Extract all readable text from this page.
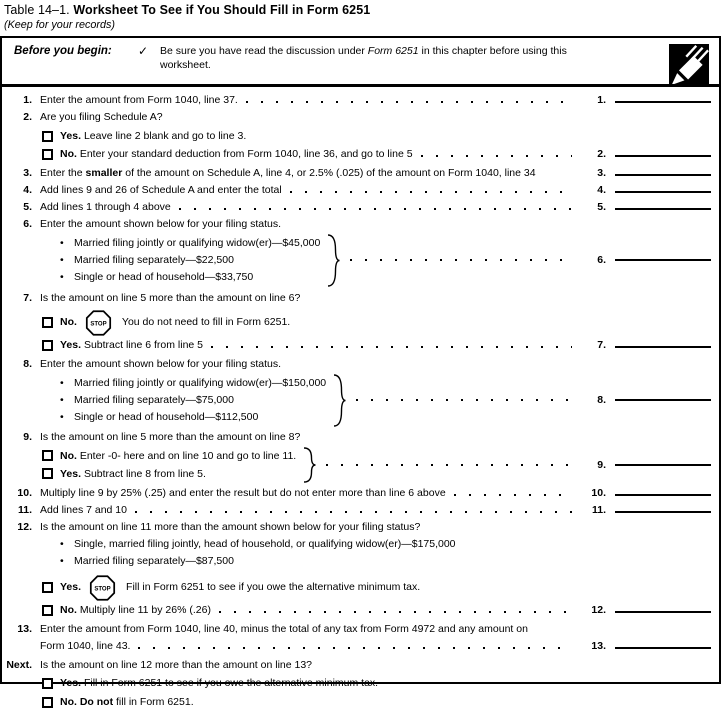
Table 14–1. Worksheet To See if You Should Fill in Form 6251
(Keep for your records)
Before you begin:	✓	Be sure you have read the discussion under Form 6251 in this chapter before using this worksheet.
1. Enter the amount from Form 1040, line 37.	1.
2. Are you filing Schedule A?
Yes. Leave line 2 blank and go to line 3.
No. Enter your standard deduction from Form 1040, line 36, and go to line 5	2.
3. Enter the smaller of the amount on Schedule A, line 4, or 2.5% (.025) of the amount on Form 1040, line 34	3.
4. Add lines 9 and 26 of Schedule A and enter the total	4.
5. Add lines 1 through 4 above	5.
6. Enter the amount shown below for your filing status.
• Married filing jointly or qualifying widow(er)—$45,000
• Married filing separately—$22,500
• Single or head of household—$33,750
6.
7. Is the amount on line 5 more than the amount on line 6?
No. STOP You do not need to fill in Form 6251.
Yes. Subtract line 6 from line 5	7.
8. Enter the amount shown below for your filing status.
• Married filing jointly or qualifying widow(er)—$150,000
• Married filing separately—$75,000
• Single or head of household—$112,500
8.
9. Is the amount on line 5 more than the amount on line 8?
No. Enter -0- here and on line 10 and go to line 11.
Yes. Subtract line 8 from line 5.
9.
10. Multiply line 9 by 25% (.25) and enter the result but do not enter more than line 6 above	10.
11. Add lines 7 and 10	11.
12. Is the amount on line 11 more than the amount shown below for your filing status?
• Single, married filing jointly, head of household, or qualifying widow(er)—$175,000
• Married filing separately—$87,500
Yes. STOP Fill in Form 6251 to see if you owe the alternative minimum tax.
No. Multiply line 11 by 26% (.26)	12.
13. Enter the amount from Form 1040, line 40, minus the total of any tax from Form 4972 and any amount on
Form 1040, line 43.	13.
Next. Is the amount on line 12 more than the amount on line 13?
Yes. Fill in Form 6251 to see if you owe the alternative minimum tax.
No. Do not fill in Form 6251.
